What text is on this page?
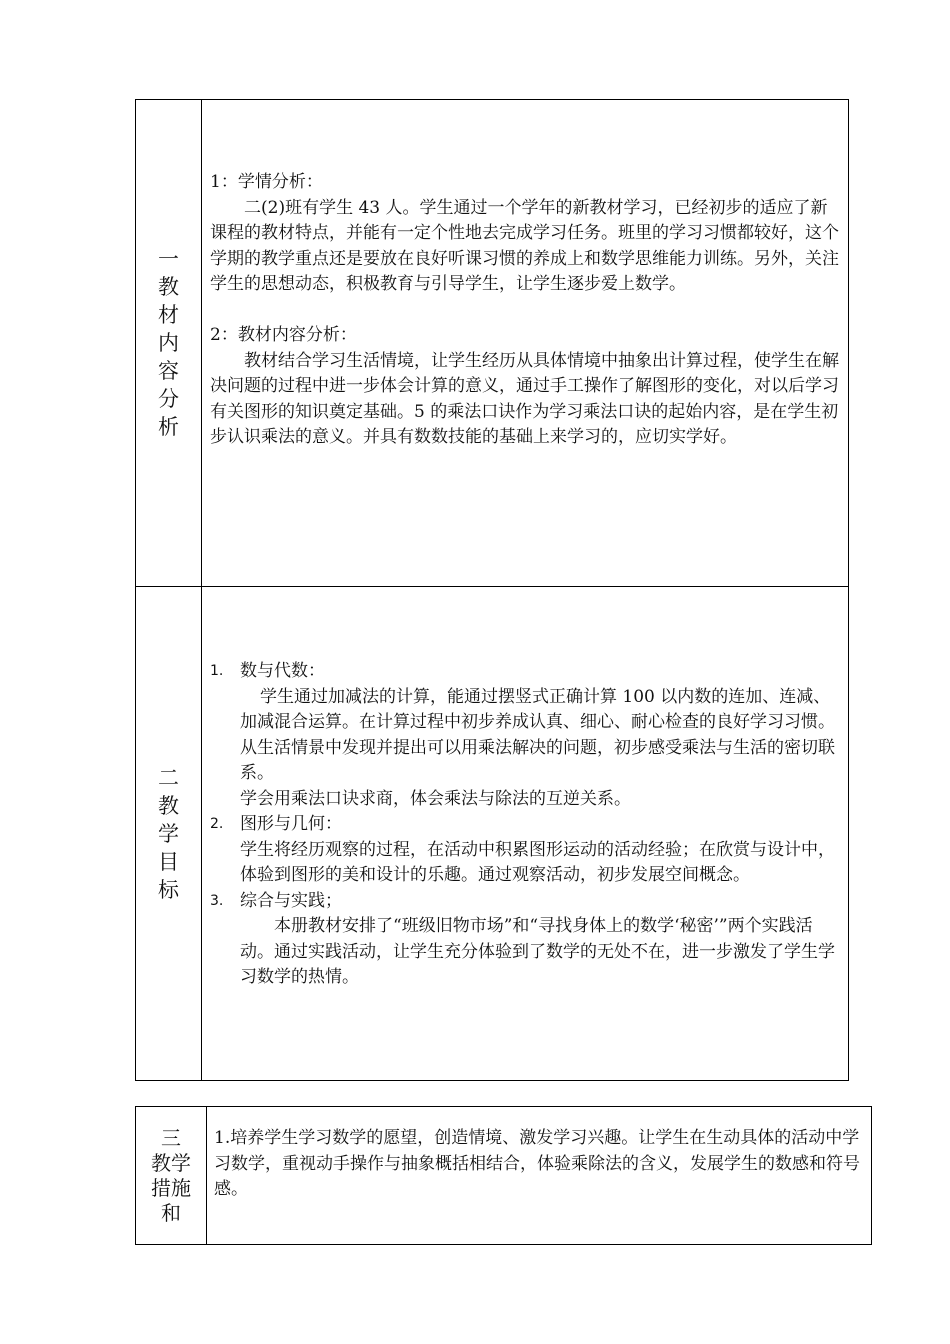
一
教
材
内
容
分
析

1：学情分析：

二(2)班有学生 43 人。学生通过一个学年的新教材学习，已经初步的适应了新课程的教材特点，并能有一定个性地去完成学习任务。班里的学习习惯都较好，这个学期的教学重点还是要放在良好听课习惯的养成上和数学思维能力训练。另外，关注学生的思想动态，积极教育与引导学生，让学生逐步爱上数学。

2：教材内容分析：

教材结合学习生活情境，让学生经历从具体情境中抽象出计算过程，使学生在解决问题的过程中进一步体会计算的意义，通过手工操作了解图形的变化，对以后学习有关图形的知识奠定基础。5 的乘法口诀作为学习乘法口诀的起始内容，是在学生初步认识乘法的意义。并具有数数技能的基础上来学习的，应切实学好。

二
教
学
目
标
1. 数与代数：

学生通过加减法的计算，能通过摆竖式正确计算 100 以内数的连加、连减、加减混合运算。在计算过程中初步养成认真、细心、耐心检查的良好学习习惯。从生活情景中发现并提出可以用乘法解决的问题，初步感受乘法与生活的密切联系。

学会用乘法口诀求商，体会乘法与除法的互逆关系。

2. 图形与几何：

学生将经历观察的过程，在活动中积累图形运动的活动经验；在欣赏与设计中，体验到图形的美和设计的乐趣。通过观察活动，初步发展空间概念。

3. 综合与实践；

本册教材安排了“班级旧物市场”和“寻找身体上的数学‘秘密’”两个实践活动。通过实践活动，让学生充分体验到了数学的无处不在，进一步激发了学生学习数学的热情。

三
教学
措施
和

1.培养学生学习数学的愿望，创造情境、激发学习兴趣。让学生在生动具体的活动中学习数学，重视动手操作与抽象概括相结合，体验乘除法的含义，发展学生的数感和符号感。
